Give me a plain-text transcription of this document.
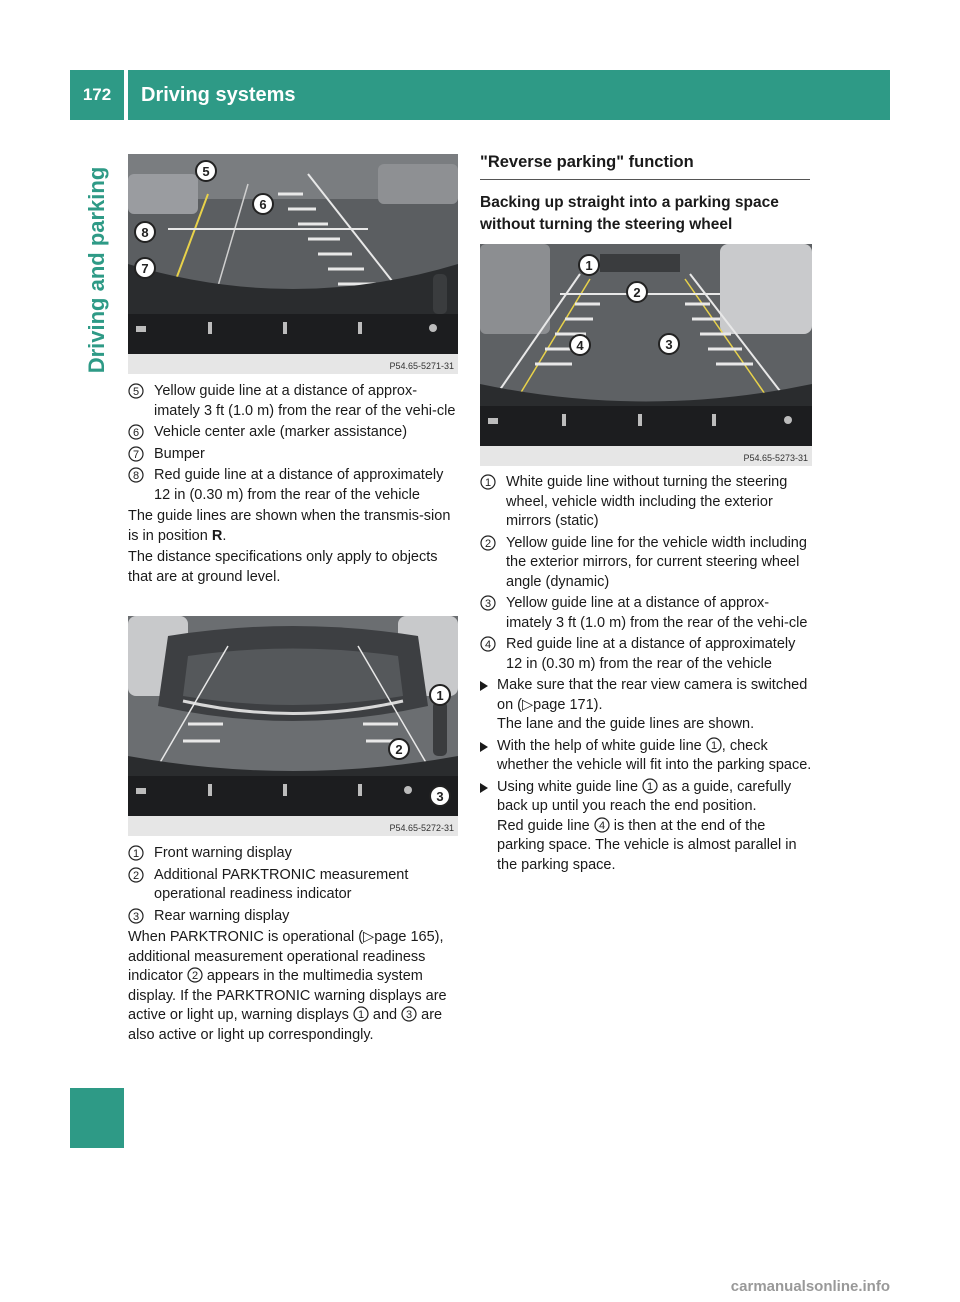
172	Driving systems
Driving and parking	5
6
8
7
P54.65-5271-31
5 Yellow guide line at a distance of approx-imately 3 ft (1.0 m) from the rear of the vehi-cle
6 Vehicle center axle (marker assistance)
7 Bumper
8 Red guide line at a distance of approximately 12 in (0.30 m) from the rear of the vehicle

The guide lines are shown when the transmis-sion is in position R.

The distance specifications only apply to objects that are at ground level.

1
2
3
P54.65-5272-31
1 Front warning display
2 Additional PARKTRONIC measurement operational readiness indicator
3 Rear warning display

When PARKTRONIC is operational (▷page 165), additional measurement operational readiness indicator 2 appears in the multimedia system display. If the PARKTRONIC warning displays are active or light up, warning displays 1 and 3 are also active or light up correspondingly.

"Reverse parking" function
Backing up straight into a parking space without turning the steering wheel
1
2
3
4
P54.65-5273-31
1 White guide line without turning the steering wheel, vehicle width including the exterior mirrors (static)
2 Yellow guide line for the vehicle width including the exterior mirrors, for current steering wheel angle (dynamic)
3 Yellow guide line at a distance of approx-imately 3 ft (1.0 m) from the rear of the vehi-cle
4 Red guide line at a distance of approximately 12 in (0.30 m) from the rear of the vehicle
Make sure that the rear view camera is switched on (▷page 171).
The lane and the guide lines are shown.
With the help of white guide line 1 , check whether the vehicle will fit into the parking space.
Using white guide line 1 as a guide, carefully back up until you reach the end position.
Red guide line 4 is then at the end of the parking space. The vehicle is almost parallel in the parking space.
carmanualsonline.info
